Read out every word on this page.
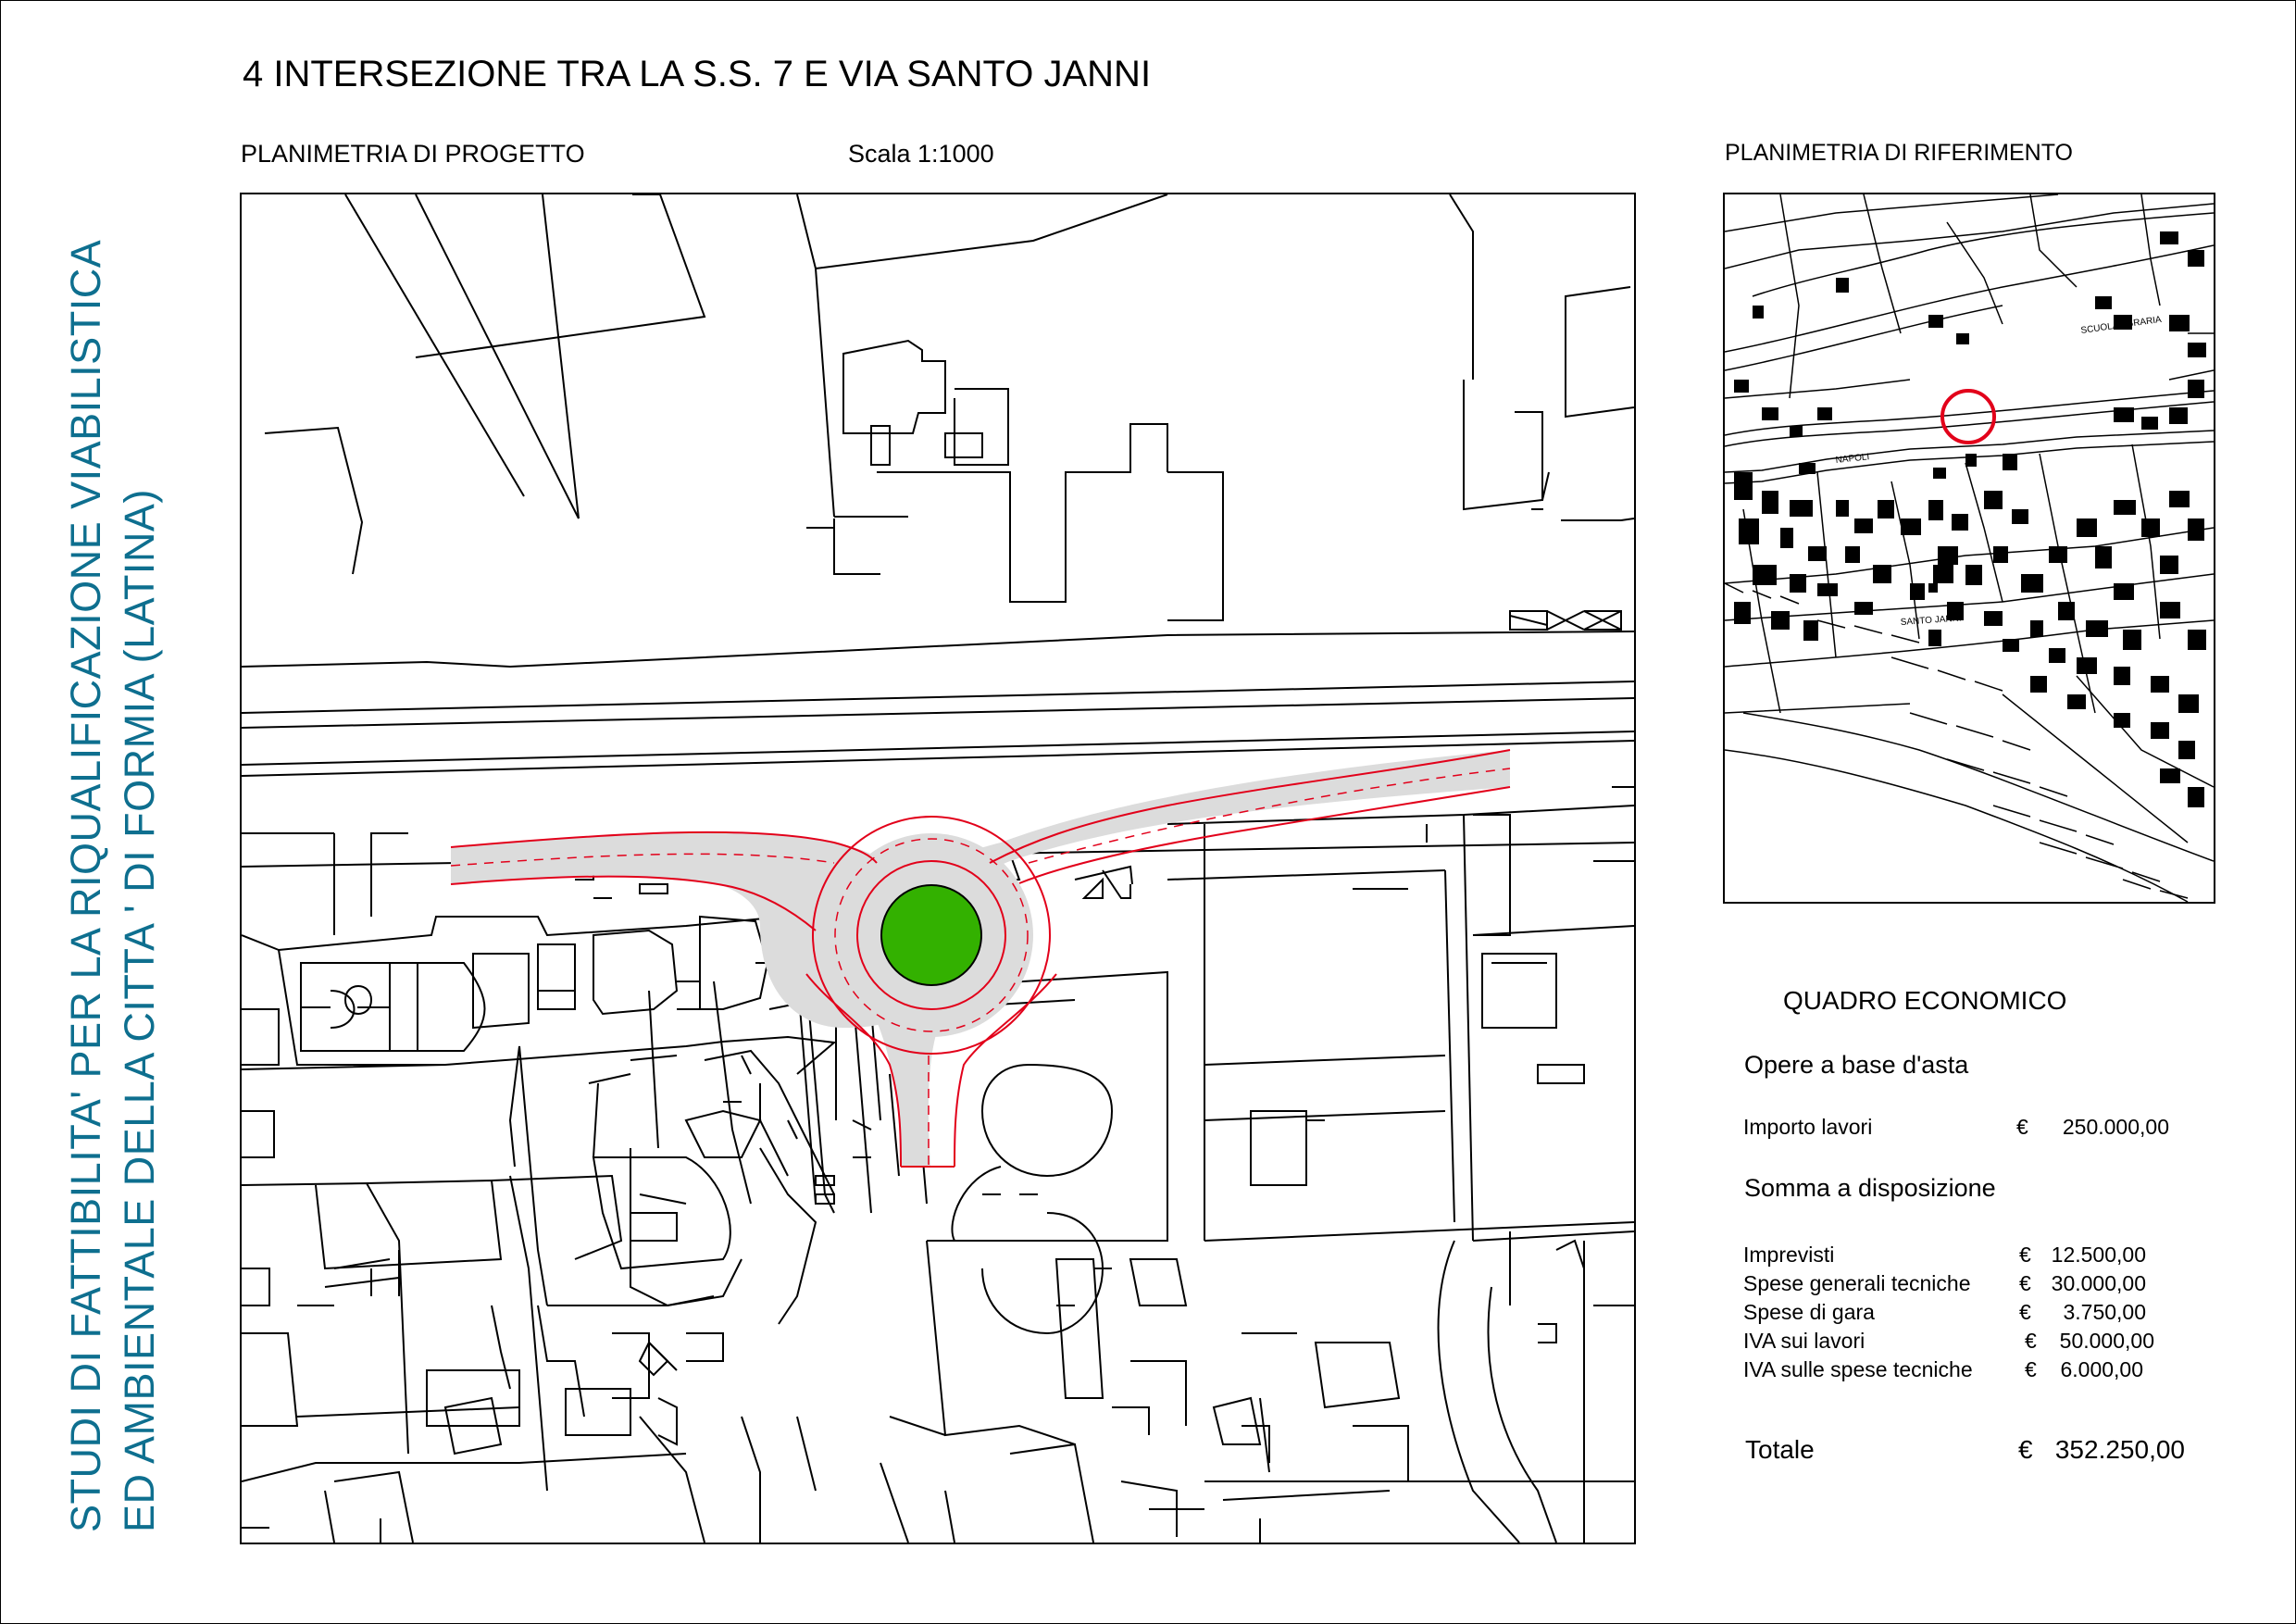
STUDI DI FATTIBILITA' PER LA RIQUALIFICAZIONE VIABILISTICA ED AMBIENTALE DELLA CITTA ' DI FORMIA (LATINA)
4 INTERSEZIONE TRA LA S.S. 7 E VIA SANTO JANNI
PLANIMETRIA DI PROGETTO	Scala 1:1000	PLANIMETRIA DI RIFERIMENTO
SCUOLA AGRARIA
NAPOLI
SANTO JANNI
QUADRO ECONOMICO
Opere a base d'asta
Importo lavori	€ 250.000,00
Somma a disposizione
Imprevisti	€ 12.500,00
Spese generali tecniche € 30.000,00
Spese di gara	€ 3.750,00
IVA sui lavori	€ 50.000,00
IVA sulle spese tecniche € 6.000,00
Totale	€ 352.250,00
